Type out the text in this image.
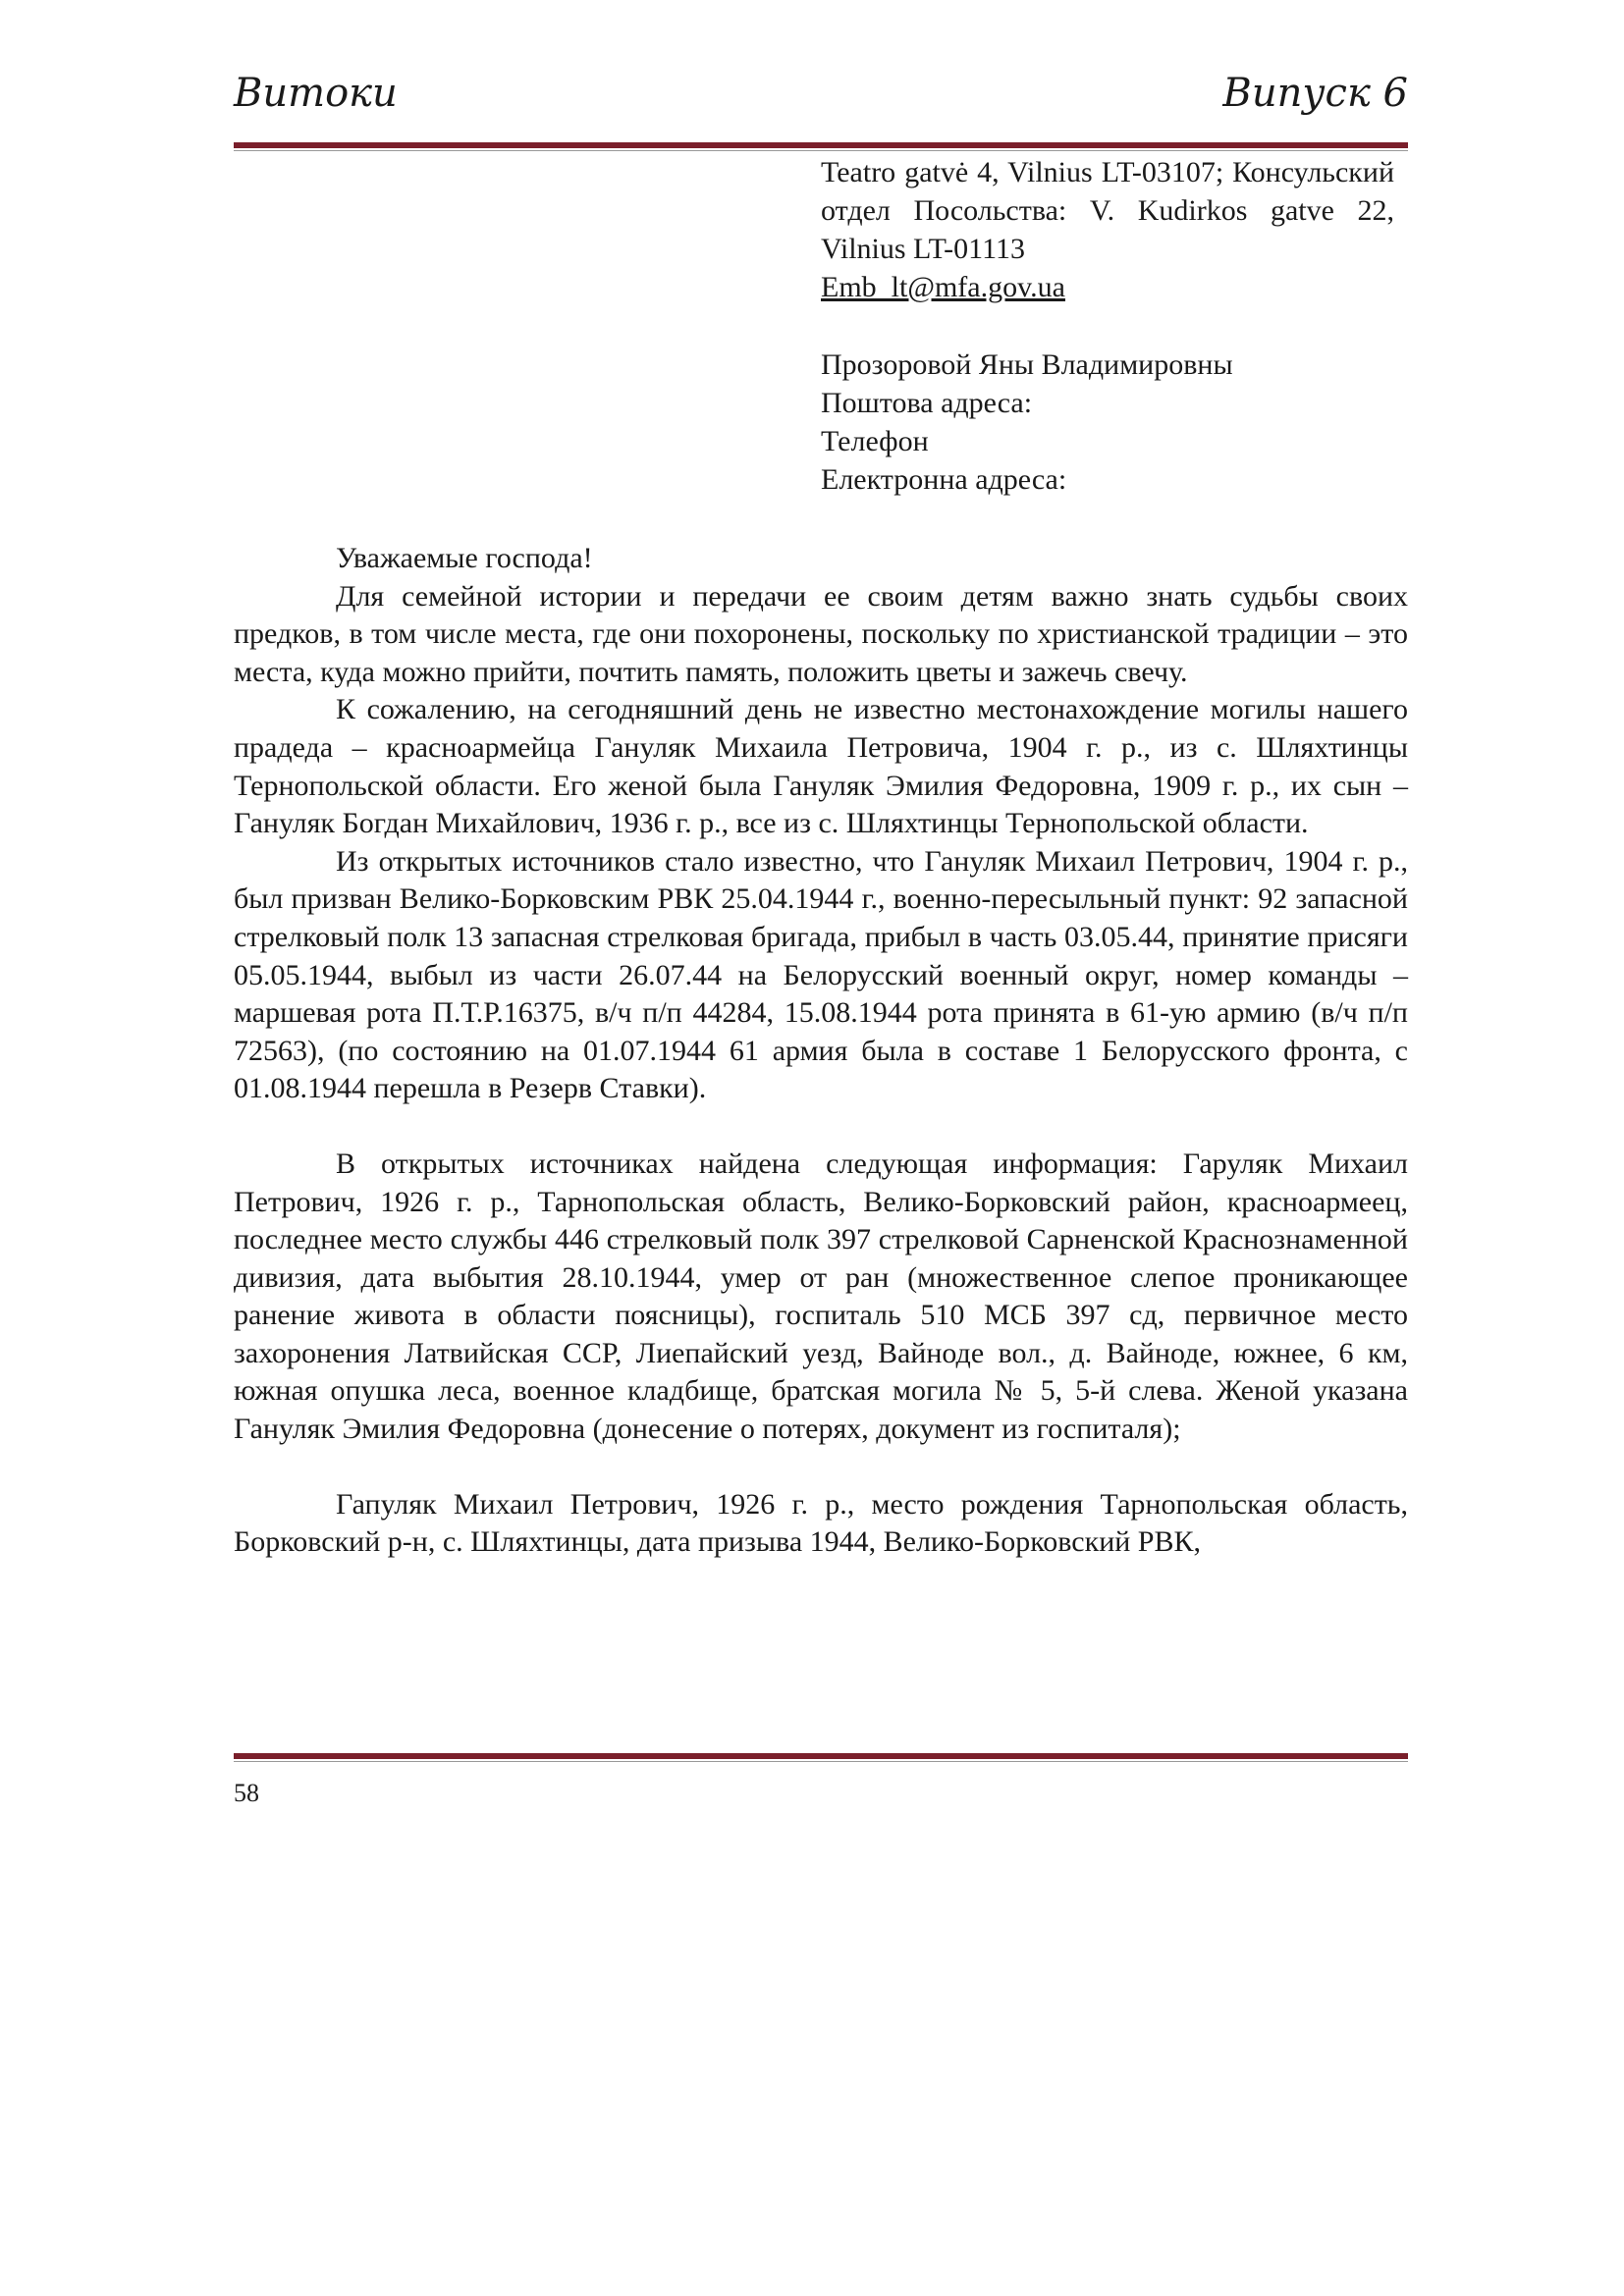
Витоки	Випуск 6

Teatro gatvė 4, Vilnius LT-03107; Консульский отдел Посольства: V. Kudirkos gatve 22, Vilnius LT-01113

Emb_lt@mfa.gov.ua
Прозоровой Яны Владимировны
Поштова адреса:
Телефон
Електронна адреса:

Уважаемые господа!

Для семейной истории и передачи ее своим детям важно знать судьбы своих предков, в том числе места, где они похоронены, поскольку по христианской традиции – это места, куда можно прийти, почтить память, положить цветы и зажечь свечу.

К сожалению, на сегодняшний день не известно местонахождение могилы нашего прадеда – красноармейца Гануляк Михаила Петровича, 1904 г. р., из с. Шляхтинцы Тернопольской области. Его женой была Гануляк Эмилия Федоровна, 1909 г. р., их сын – Гануляк Богдан Михайлович, 1936 г. р., все из с. Шляхтинцы Тернопольской области.

Из открытых источников стало известно, что Гануляк Михаил Петрович, 1904 г. р., был призван Велико-Борковским РВК 25.04.1944 г., военно-пересыльный пункт: 92 запасной стрелковый полк 13 запасная стрелковая бригада, прибыл в часть 03.05.44, принятие присяги 05.05.1944, выбыл из части 26.07.44 на Белорусский военный округ, номер команды – маршевая рота П.Т.Р.16375, в/ч п/п 44284, 15.08.1944 рота принята в 61-ую армию (в/ч п/п 72563), (по состоянию на 01.07.1944 61 армия была в составе 1 Белорусского фронта, с 01.08.1944 перешла в Резерв Ставки).

В открытых источниках найдена следующая информация: Гаруляк Михаил Петрович, 1926 г. р., Тарнопольская область, Велико-Борковский район, красноармеец, последнее место службы 446 стрелковый полк 397 стрелковой Сарненской Краснознаменной дивизия, дата выбытия 28.10.1944, умер от ран (множественное слепое проникающее ранение живота в области поясницы), госпиталь 510 МСБ 397 сд, первичное место захоронения Латвийская ССР, Лиепайский уезд, Вайноде вол., д. Вайноде, южнее, 6 км, южная опушка леса, военное кладбище, братская могила № 5, 5-й слева. Женой указана Гануляк Эмилия Федоровна (донесение о потерях, документ из госпиталя);

Гапуляк Михаил Петрович, 1926 г. р., место рождения Тарнопольская область, Борковский р-н, с. Шляхтинцы, дата призыва 1944, Велико-Борковский РВК,

58
